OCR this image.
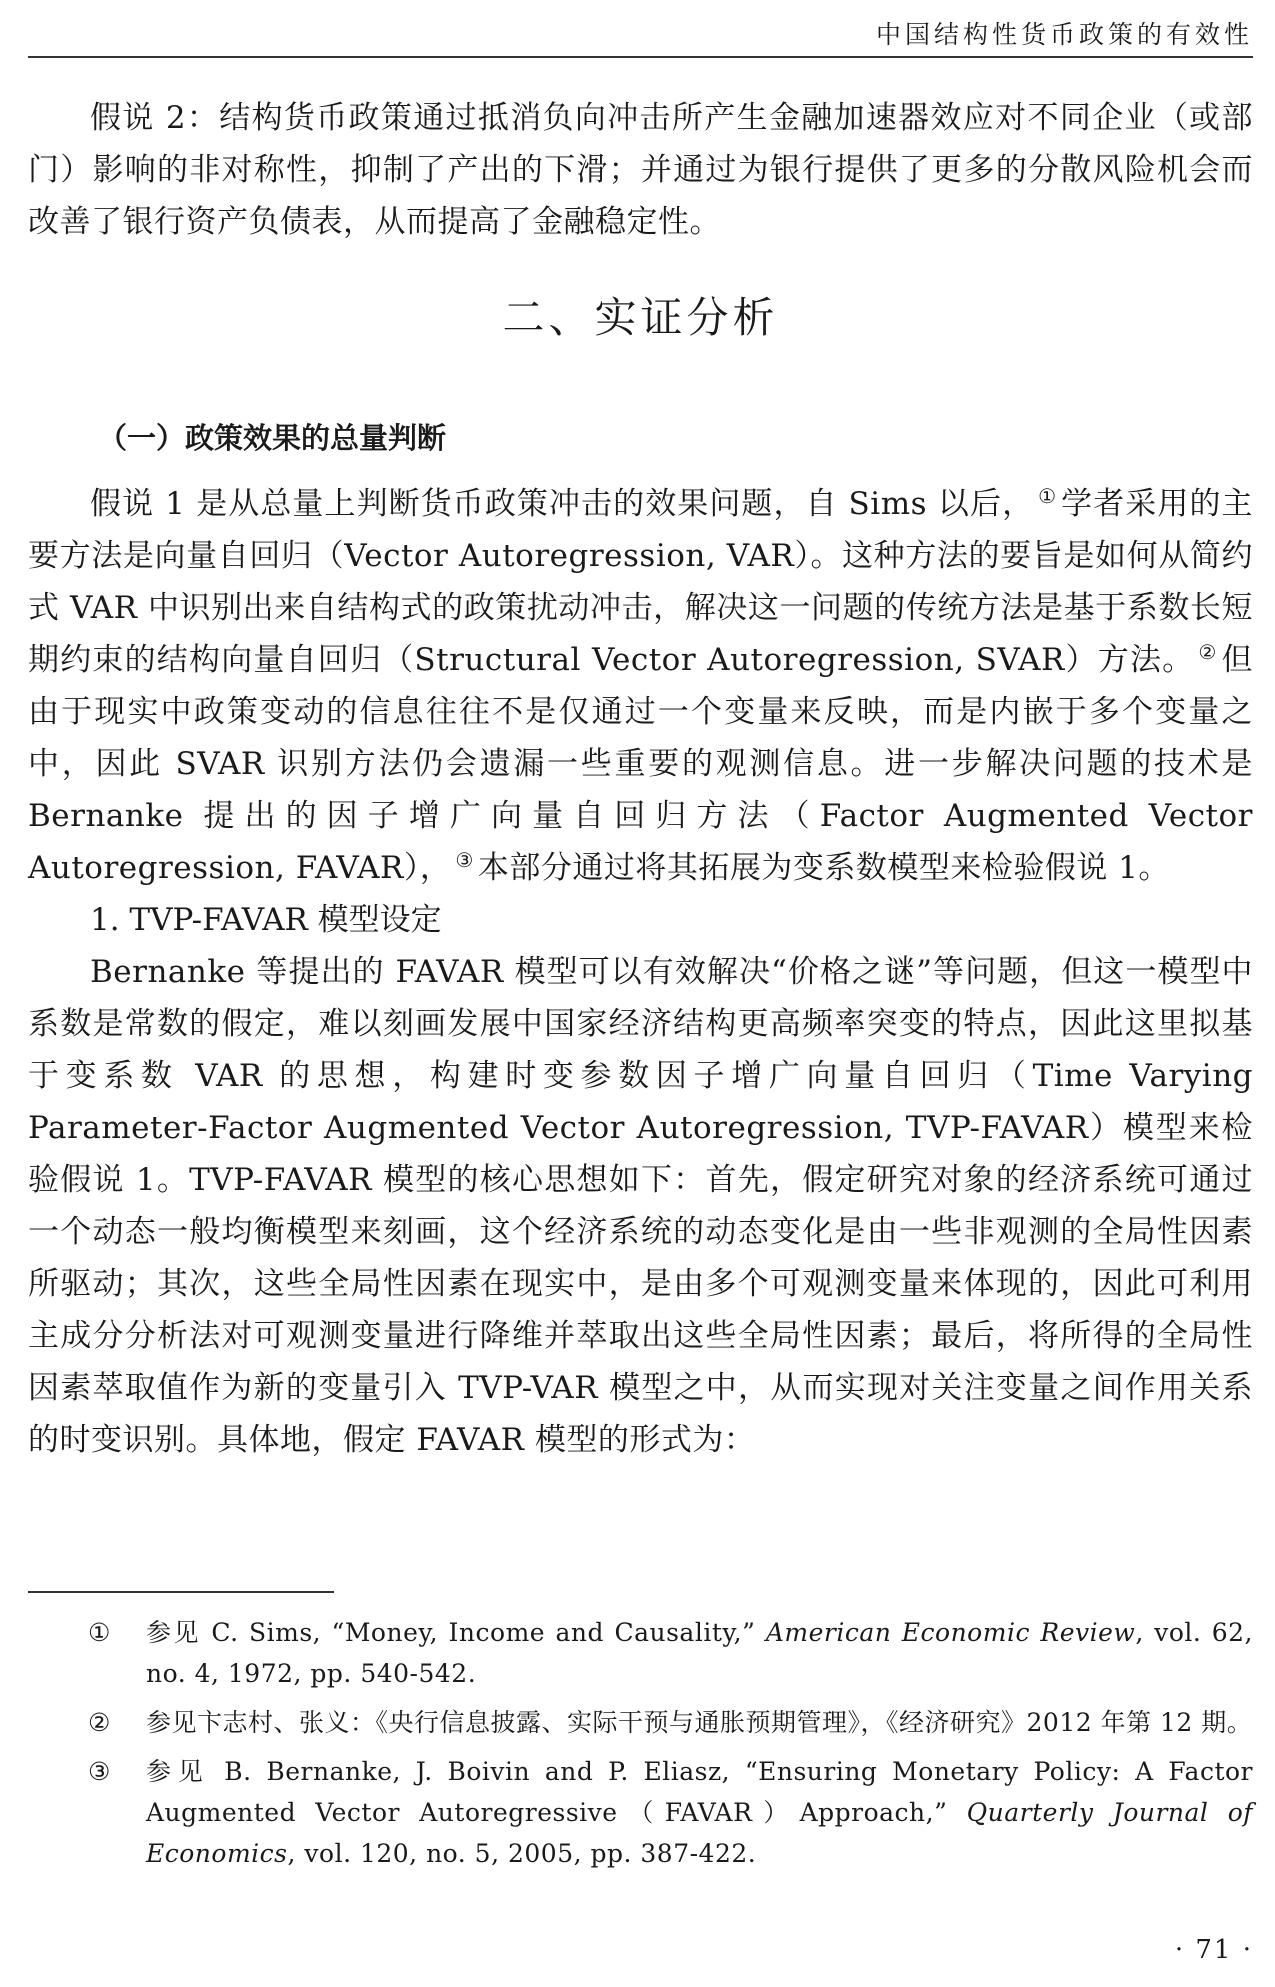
中国结构性货币政策的有效性

假说 2：结构货币政策通过抵消负向冲击所产生金融加速器效应对不同企业（或部门）影响的非对称性，抑制了产出的下滑；并通过为银行提供了更多的分散风险机会而改善了银行资产负债表，从而提高了金融稳定性。

二、实证分析
（一）政策效果的总量判断

假说 1 是从总量上判断货币政策冲击的效果问题，自 Sims 以后， ① 学者采用的主要方法是向量自回归（Vector Autoregression, VAR）。这种方法的要旨是如何从简约式 VAR 中识别出来自结构式的政策扰动冲击，解决这一问题的传统方法是基于系数长短期约束的结构向量自回归（Structural Vector Autoregression, SVAR）方法。 ② 但由于现实中政策变动的信息往往不是仅通过一个变量来反映，而是内嵌于多个变量之中，因此 SVAR 识别方法仍会遗漏一些重要的观测信息。进一步解决问题的技术是 Bernanke 提出的因子增广向量自回归方法（Factor Augmented Vector Autoregression, FAVAR）， ③ 本部分通过将其拓展为变系数模型来检验假说 1。

1. TVP-FAVAR 模型设定

Bernanke 等提出的 FAVAR 模型可以有效解决“价格之谜”等问题，但这一模型中系数是常数的假定，难以刻画发展中国家经济结构更高频率突变的特点，因此这里拟基于变系数 VAR 的思想，构建时变参数因子增广向量自回归（Time Varying Parameter-Factor Augmented Vector Autoregression, TVP-FAVAR）模型来检验假说 1。TVP-FAVAR 模型的核心思想如下：首先，假定研究对象的经济系统可通过一个动态一般均衡模型来刻画，这个经济系统的动态变化是由一些非观测的全局性因素所驱动；其次，这些全局性因素在现实中，是由多个可观测变量来体现的，因此可利用主成分分析法对可观测变量进行降维并萃取出这些全局性因素；最后，将所得的全局性因素萃取值作为新的变量引入 TVP-VAR 模型之中，从而实现对关注变量之间作用关系的时变识别。具体地，假定 FAVAR 模型的形式为：

①	参见 C. Sims, “Money, Income and Causality,” American Economic Review, vol. 62, no. 4, 1972, pp. 540-542.
②	参见卞志村、张义：《央行信息披露、实际干预与通胀预期管理》，《经济研究》2012 年第 12 期。
③	参见 B. Bernanke, J. Boivin and P. Eliasz, “Ensuring Monetary Policy: A Factor Augmented Vector Autoregressive（FAVAR）Approach,” Quarterly Journal of Economics, vol. 120, no. 5, 2005, pp. 387-422.
· 71 ·
